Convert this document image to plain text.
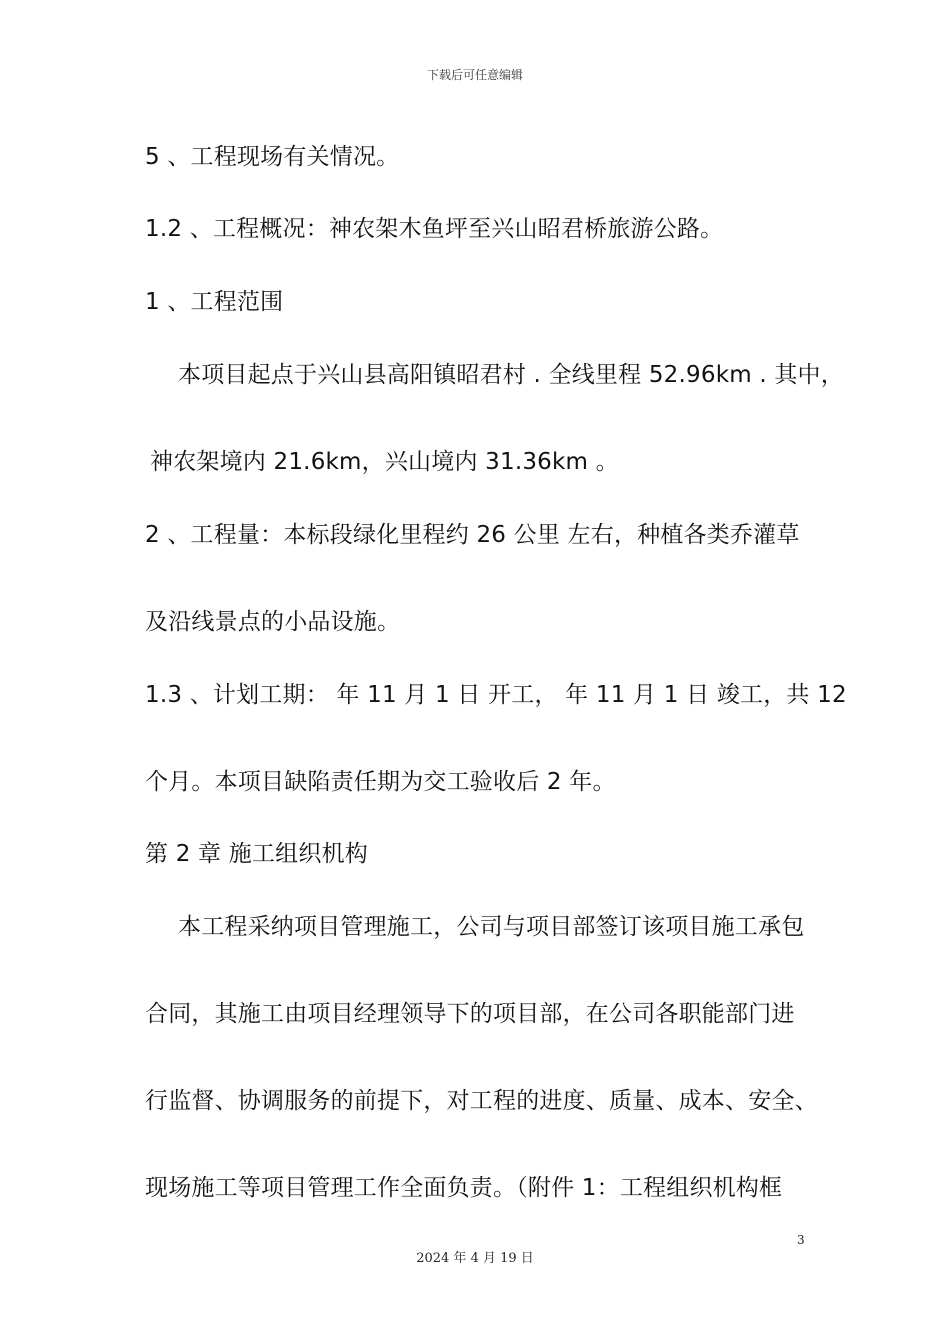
下载后可任意编辑
5 、工程现场有关情况。
1.2 、工程概况：神农架木鱼坪至兴山昭君桥旅游公路。
1 、工程范围
本项目起点于兴山县高阳镇昭君村 . 全线里程 52.96km . 其中，
神农架境内 21.6km，兴山境内 31.36km 。
2 、工程量：本标段绿化里程约 26 公里 左右，种植各类乔灌草
及沿线景点的小品设施。
1.3 、计划工期： 年 11 月 1 日 开工， 年 11 月 1 日 竣工，共 12
个月。本项目缺陷责任期为交工验收后 2 年。
第 2 章 施工组织机构
本工程采纳项目管理施工，公司与项目部签订该项目施工承包
合同，其施工由项目经理领导下的项目部，在公司各职能部门进
行监督、协调服务的前提下，对工程的进度、质量、成本、安全、
现场施工等项目管理工作全面负责。（附件 1：工程组织机构框
3
2024 年 4 月 19 日
